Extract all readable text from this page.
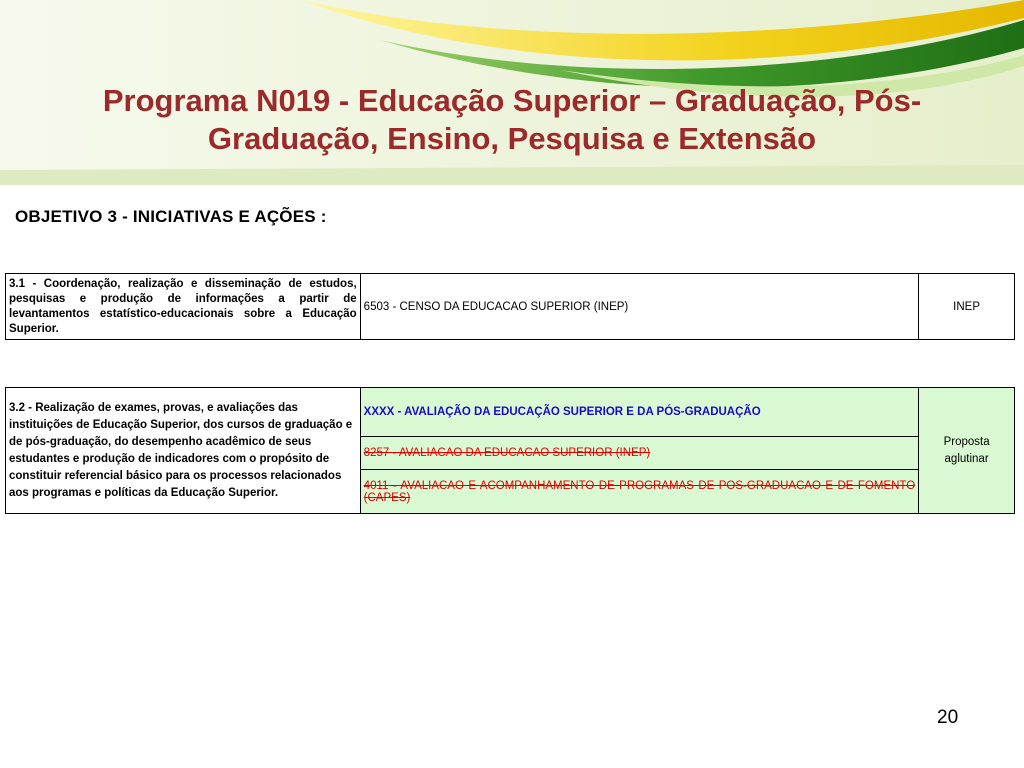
Programa N019 - Educação Superior – Graduação, Pós-
Graduação, Ensino, Pesquisa e Extensão
OBJETIVO 3 - INICIATIVAS E AÇÕES :
3.1 - Coordenação, realização e disseminação de estudos, pesquisas e produção de informações a partir de levantamentos estatístico-educacionais sobre a Educação Superior.	6503 - CENSO DA EDUCACAO SUPERIOR (INEP)	INEP
3.2 - Realização de exames, provas, e avaliações das instituições de Educação Superior, dos cursos de graduação e de pós-graduação, do desempenho acadêmico de seus estudantes e produção de indicadores com o propósito de constituir referencial básico para os processos relacionados aos programas e políticas da Educação Superior.	XXXX - AVALIAÇÃO DA EDUCAÇÃO SUPERIOR E DA PÓS-GRADUAÇÃO	Proposta aglutinar
8257 - AVALIACAO DA EDUCACAO SUPERIOR (INEP)
4011 - AVALIACAO E ACOMPANHAMENTO DE PROGRAMAS DE POS-GRADUACAO E DE FOMENTO (CAPES)
20
